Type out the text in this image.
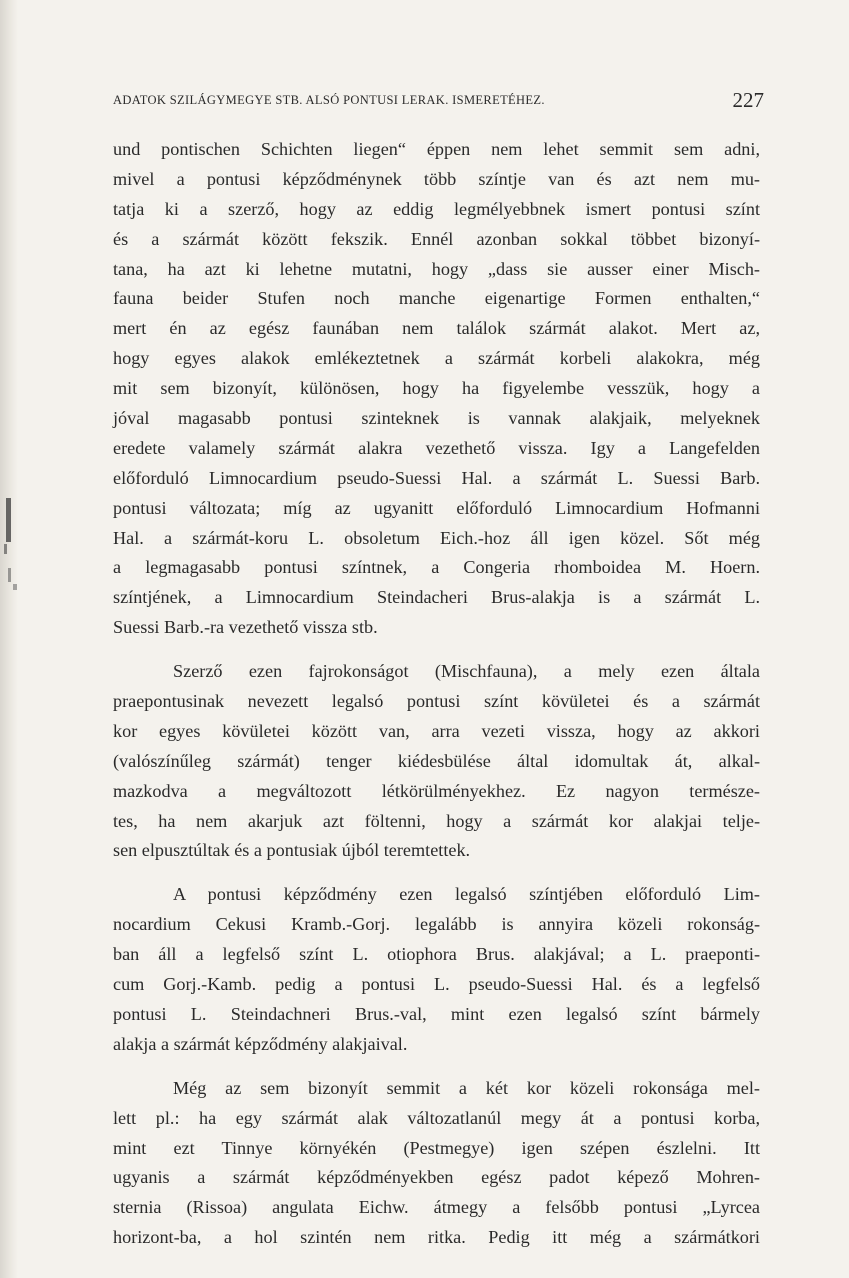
ADATOK SZILÁGYMEGYE STB. ALSÓ PONTUSI LERAK. ISMERETÉHEZ.	227
und pontischen Schichten liegen“ éppen nem lehet semmit sem adni,
mivel a pontusi képződménynek több színtje van és azt nem mu-
tatja ki a szerző, hogy az eddig legmélyebbnek ismert pontusi színt
és a szármát között fekszik. Ennél azonban sokkal többet bizonyí-
tana, ha azt ki lehetne mutatni, hogy „dass sie ausser einer Misch-
fauna beider Stufen noch manche eigenartige Formen enthalten,“
mert én az egész faunában nem találok szármát alakot. Mert az,
hogy egyes alakok emlékeztetnek a szármát korbeli alakokra, még
mit sem bizonyít, különösen, hogy ha figyelembe vesszük, hogy a
jóval magasabb pontusi szinteknek is vannak alakjaik, melyeknek
eredete valamely szármát alakra vezethető vissza. Igy a Langefelden
előforduló Limnocardium pseudo-Suessi Hal. a szármát L. Suessi Barb.
pontusi változata; míg az ugyanitt előforduló Limnocardium Hofmanni
Hal. a szármát-koru L. obsoletum Eich.-hoz áll igen közel. Sőt még
a legmagasabb pontusi színtnek, a Congeria rhomboidea M. Hoern.
színtjének, a Limnocardium Steindacheri Brus-alakja is a szármát L.
Suessi Barb.-ra vezethető vissza stb.
Szerző ezen fajrokonságot (Mischfauna), a mely ezen általa
praepontusinak nevezett legalsó pontusi színt kövületei és a szármát
kor egyes kövületei között van, arra vezeti vissza, hogy az akkori
(valószínűleg szármát) tenger kiédesbülése által idomultak át, alkal-
mazkodva a megváltozott létkörülményekhez. Ez nagyon természe-
tes, ha nem akarjuk azt föltenni, hogy a szármát kor alakjai telje-
sen elpusztúltak és a pontusiak újból teremtettek.
A pontusi képződmény ezen legalsó színtjében előforduló Lim-
nocardium Cekusi Kramb.-Gorj. legalább is annyira közeli rokonság-
ban áll a legfelső színt L. otiophora Brus. alakjával; a L. praeponti-
cum Gorj.-Kamb. pedig a pontusi L. pseudo-Suessi Hal. és a legfelső
pontusi L. Steindachneri Brus.-val, mint ezen legalsó színt bármely
alakja a szármát képződmény alakjaival.
Még az sem bizonyít semmit a két kor közeli rokonsága mel-
lett pl.: ha egy szármát alak változatlanúl megy át a pontusi korba,
mint ezt Tinnye környékén (Pestmegye) igen szépen észlelni. Itt
ugyanis a szármát képződményekben egész padot képező Mohren-
sternia (Rissoa) angulata Eichw. átmegy a felsőbb pontusi „Lyrcea
horizont-ba, a hol szintén nem ritka. Pedig itt még a szármátkori
